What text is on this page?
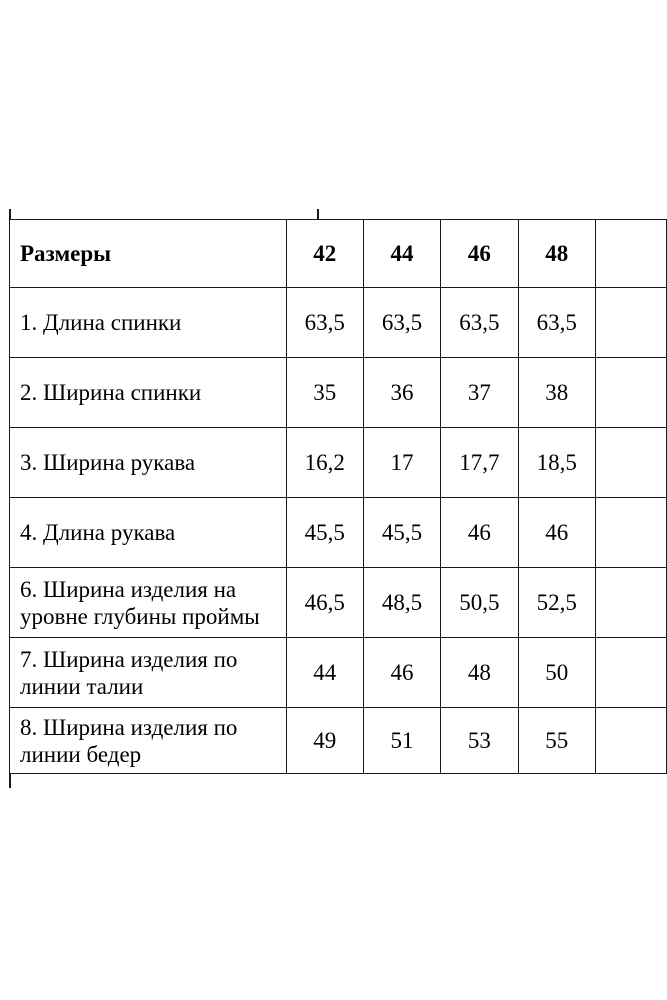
Размеры	42	44	46	48	
1. Длина спинки	63,5	63,5	63,5	63,5	
2. Ширина спинки	35	36	37	38	
3. Ширина рукава	16,2	17	17,7	18,5	
4. Длина рукава	45,5	45,5	46	46	
6. Ширина изделия на уровне глубины проймы	46,5	48,5	50,5	52,5	
7. Ширина изделия по линии талии	44	46	48	50	
8. Ширина изделия по линии бедер	49	51	53	55	
